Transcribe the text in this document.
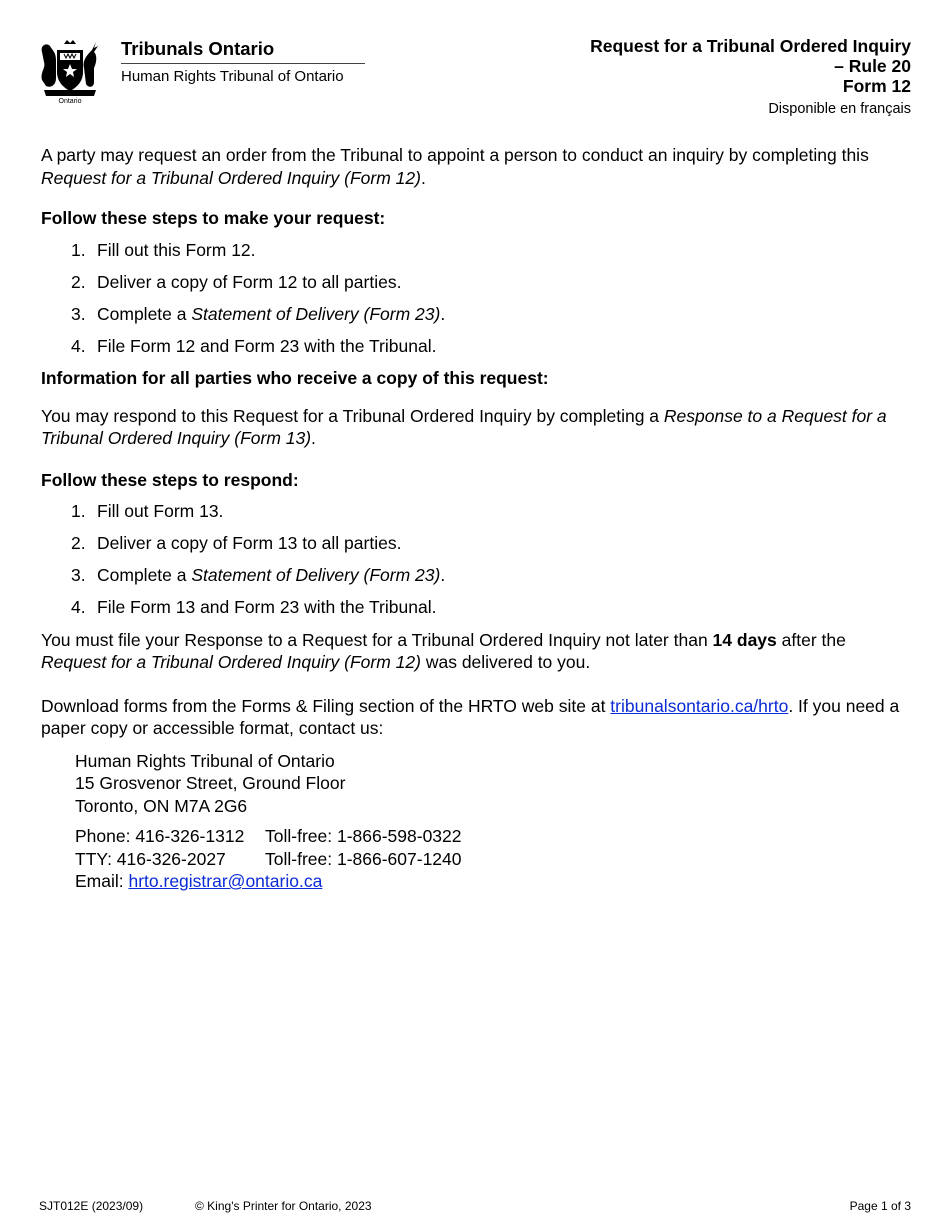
Ontario
Tribunals Ontario
Human Rights Tribunal of Ontario
Request for a Tribunal Ordered Inquiry
– Rule 20
Form 12
Disponible en français

A party may request an order from the Tribunal to appoint a person to conduct an inquiry by completing this Request for a Tribunal Ordered Inquiry (Form 12).

Follow these steps to make your request:

1. Fill out this Form 12.
2. Deliver a copy of Form 12 to all parties.
3. Complete a Statement of Delivery (Form 23).
4. File Form 12 and Form 23 with the Tribunal.

Information for all parties who receive a copy of this request:

You may respond to this Request for a Tribunal Ordered Inquiry by completing a Response to a Request for a Tribunal Ordered Inquiry (Form 13).

Follow these steps to respond:

1. Fill out Form 13.
2. Deliver a copy of Form 13 to all parties.
3. Complete a Statement of Delivery (Form 23).
4. File Form 13 and Form 23 with the Tribunal.

You must file your Response to a Request for a Tribunal Ordered Inquiry not later than 14 days after the Request for a Tribunal Ordered Inquiry (Form 12) was delivered to you.

Download forms from the Forms & Filing section of the HRTO web site at tribunalsontario.ca/hrto. If you need a paper copy or accessible format, contact us:

Human Rights Tribunal of Ontario
15 Grosvenor Street, Ground Floor
Toronto, ON M7A 2G6
Phone: 416-326-1312	Toll-free: 1-866-598-0322
TTY: 416-326-2027	Toll-free: 1-866-607-1240
Email: hrto.registrar@ontario.ca
SJT012E (2023/09)	© King's Printer for Ontario, 2023	Page 1 of 3
